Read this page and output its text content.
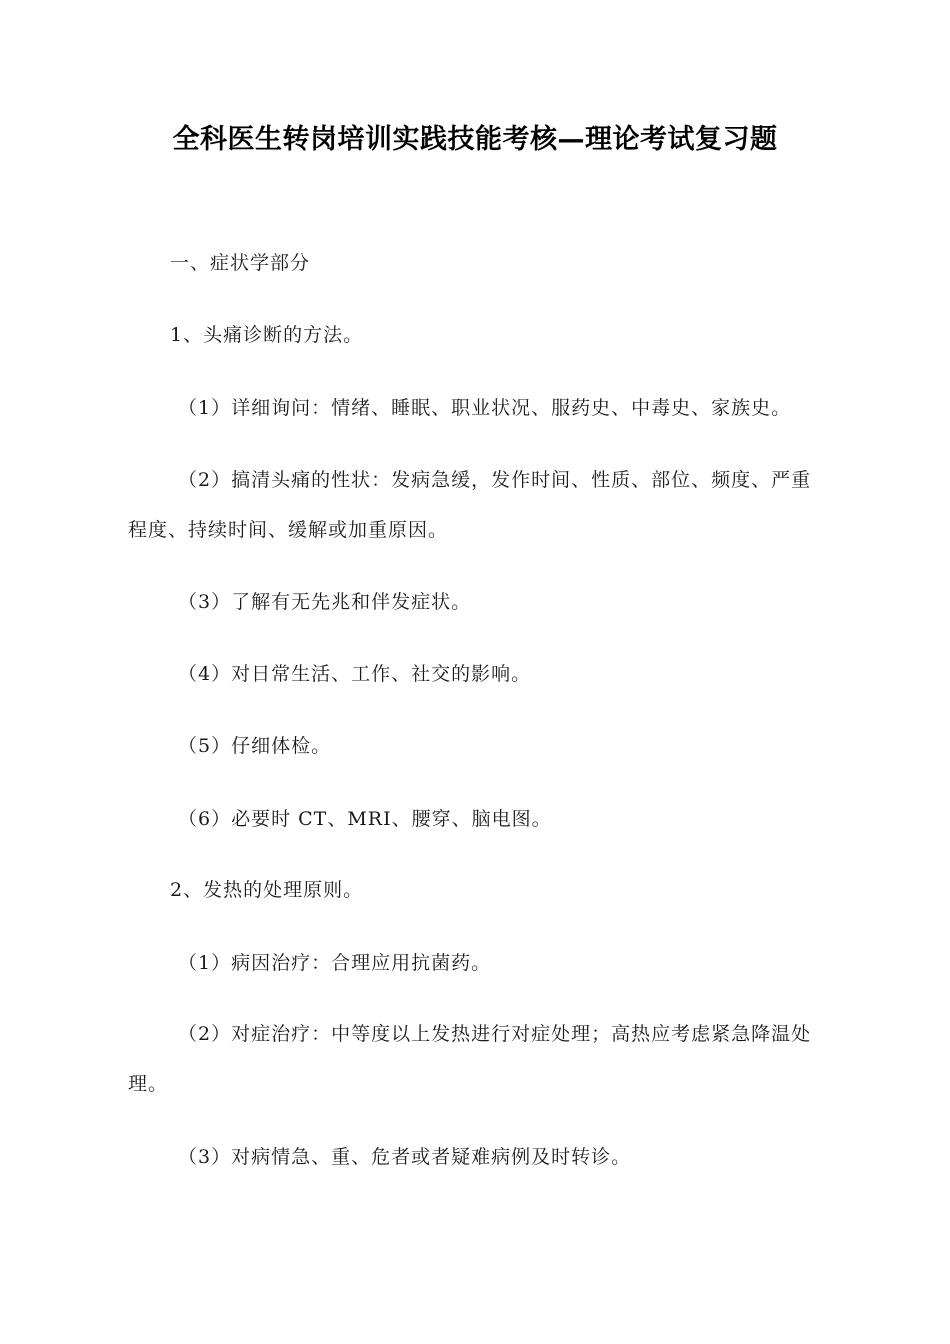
全科医生转岗培训实践技能考核—理论考试复习题
一、症状学部分
1、头痛诊断的方法。
（1）详细询问：情绪、睡眠、职业状况、服药史、中毒史、家族史。
（2）搞清头痛的性状：发病急缓，发作时间、性质、部位、频度、严重程度、持续时间、缓解或加重原因。
（3）了解有无先兆和伴发症状。
（4）对日常生活、工作、社交的影响。
（5）仔细体检。
（6）必要时 CT、MRI、腰穿、脑电图。
2、发热的处理原则。
（1）病因治疗：合理应用抗菌药。
（2）对症治疗：中等度以上发热进行对症处理；高热应考虑紧急降温处理。
（3）对病情急、重、危者或者疑难病例及时转诊。
